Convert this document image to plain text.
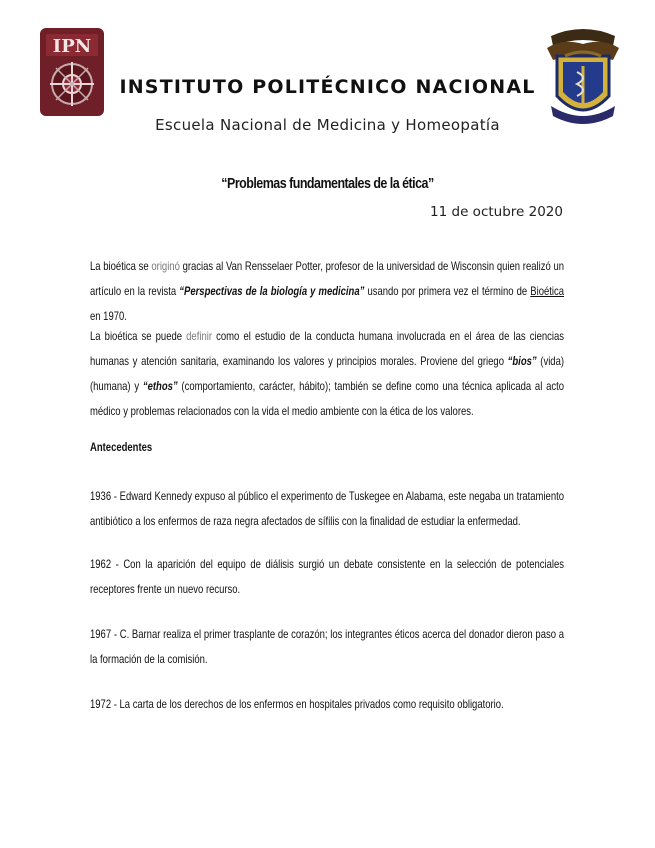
IPN
INSTITUTO POLITÉCNICO NACIONAL
Escuela Nacional de Medicina y Homeopatía
“Problemas fundamentales de la ética”
11 de octubre 2020
La bioética se originó gracias al Van Rensselaer Potter, profesor de la universidad de Wisconsin quien realizó un artículo en la revista “Perspectivas de la biología y medicina” usando por primera vez el término de Bioética en 1970.
La bioética se puede definir como el estudio de la conducta humana involucrada en el área de las ciencias humanas y atención sanitaria, examinando los valores y principios morales. Proviene del griego “bios” (vida) (humana) y “ethos” (comportamiento, carácter, hábito); también se define como una técnica aplicada al acto médico y problemas relacionados con la vida el medio ambiente con la ética de los valores.
Antecedentes
1936 - Edward Kennedy expuso al público el experimento de Tuskegee en Alabama, este negaba un tratamiento antibiótico a los enfermos de raza negra afectados de sífilis con la finalidad de estudiar la enfermedad.
1962 - Con la aparición del equipo de diálisis surgió un debate consistente en la selección de potenciales receptores frente un nuevo recurso.
1967 - C. Barnar realiza el primer trasplante de corazón; los integrantes éticos acerca del donador dieron paso a la formación de la comisión.
1972 - La carta de los derechos de los enfermos en hospitales privados como requisito obligatorio.
